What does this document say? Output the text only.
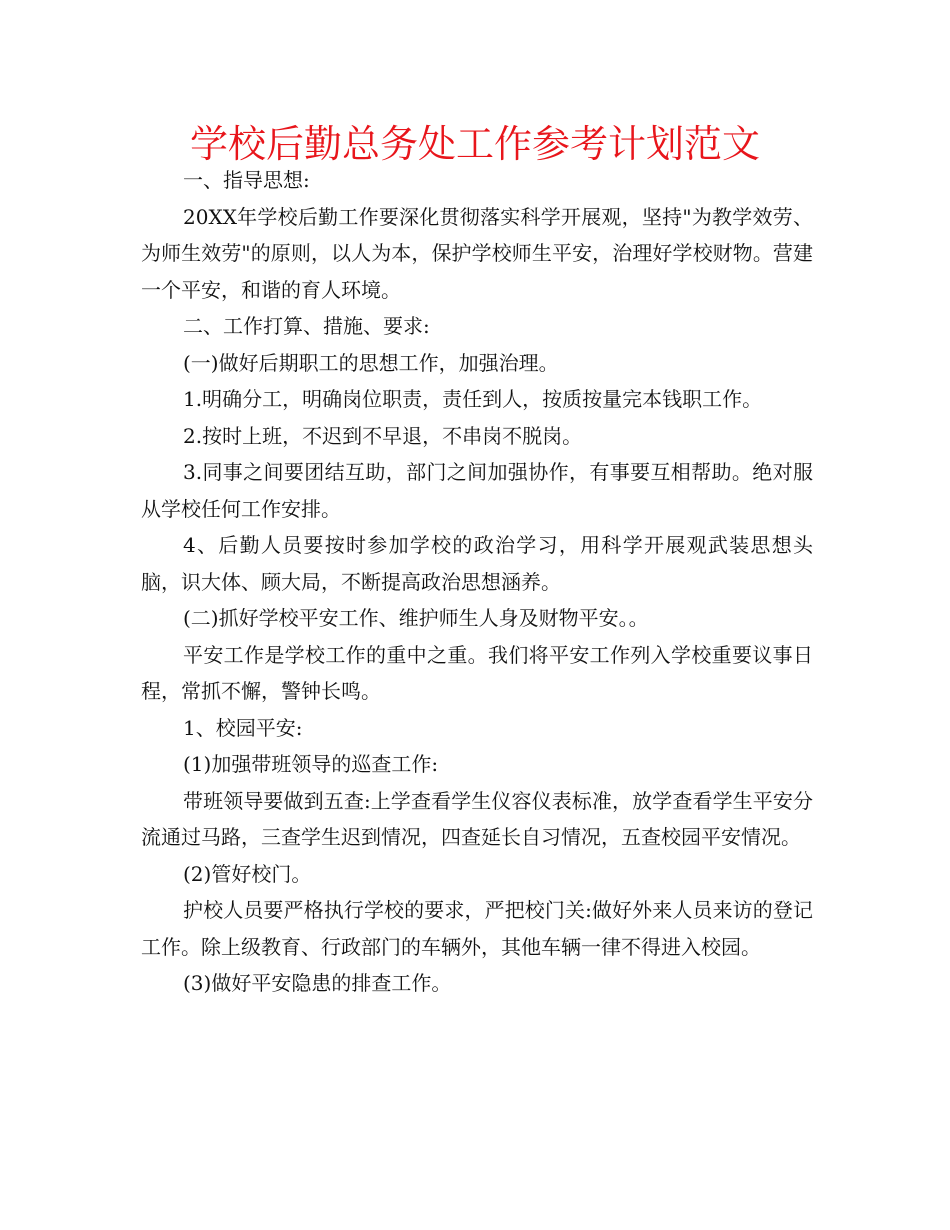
学校后勤总务处工作参考计划范文

一、指导思想:

20XX年学校后勤工作要深化贯彻落实科学开展观，坚持"为教学效劳、为师生效劳"的原则，以人为本，保护学校师生平安，治理好学校财物。营建一个平安，和谐的育人环境。

二、工作打算、措施、要求:

(一)做好后期职工的思想工作，加强治理。

1.明确分工，明确岗位职责，责任到人，按质按量完本钱职工作。

2.按时上班，不迟到不早退，不串岗不脱岗。

3.同事之间要团结互助，部门之间加强协作，有事要互相帮助。绝对服从学校任何工作安排。

4、后勤人员要按时参加学校的政治学习，用科学开展观武装思想头脑，识大体、顾大局，不断提高政治思想涵养。

(二)抓好学校平安工作、维护师生人身及财物平安。。

平安工作是学校工作的重中之重。我们将平安工作列入学校重要议事日程，常抓不懈，警钟长鸣。

1、校园平安:

(1)加强带班领导的巡查工作:

带班领导要做到五查:上学查看学生仪容仪表标准，放学查看学生平安分流通过马路，三查学生迟到情况，四查延长自习情况，五查校园平安情况。

(2)管好校门。

护校人员要严格执行学校的要求，严把校门关:做好外来人员来访的登记工作。除上级教育、行政部门的车辆外，其他车辆一律不得进入校园。

(3)做好平安隐患的排查工作。
